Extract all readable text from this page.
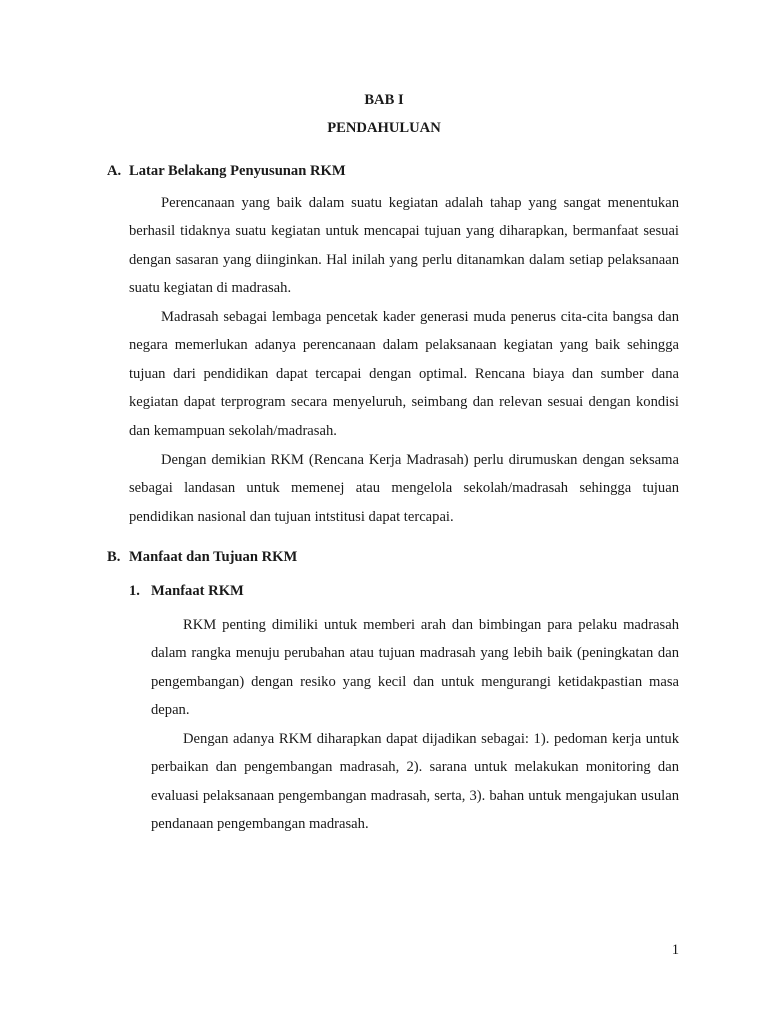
BAB I
PENDAHULUAN
A. Latar Belakang Penyusunan RKM
Perencanaan yang baik dalam suatu kegiatan adalah tahap yang sangat menentukan berhasil tidaknya suatu kegiatan untuk mencapai tujuan yang diharapkan, bermanfaat sesuai dengan sasaran yang diinginkan. Hal inilah yang perlu ditanamkan dalam setiap pelaksanaan suatu kegiatan di madrasah.
Madrasah sebagai lembaga pencetak kader generasi muda penerus cita-cita bangsa dan negara memerlukan adanya perencanaan dalam pelaksanaan kegiatan yang baik sehingga tujuan dari pendidikan dapat tercapai dengan optimal. Rencana biaya dan sumber dana kegiatan dapat terprogram secara menyeluruh, seimbang dan relevan sesuai dengan kondisi dan kemampuan sekolah/madrasah.
Dengan demikian RKM (Rencana Kerja Madrasah) perlu dirumuskan dengan seksama sebagai landasan untuk memenej atau mengelola sekolah/madrasah sehingga tujuan pendidikan nasional dan tujuan intstitusi dapat tercapai.
B. Manfaat dan Tujuan RKM
1. Manfaat RKM
RKM penting dimiliki untuk memberi arah dan bimbingan para pelaku madrasah dalam rangka menuju perubahan atau tujuan madrasah yang lebih baik (peningkatan dan pengembangan) dengan resiko yang kecil dan untuk mengurangi ketidakpastian masa depan.
Dengan adanya RKM diharapkan dapat dijadikan sebagai: 1). pedoman kerja untuk perbaikan dan pengembangan madrasah, 2). sarana untuk melakukan monitoring dan evaluasi pelaksanaan pengembangan madrasah, serta, 3). bahan untuk mengajukan usulan pendanaan pengembangan madrasah.
1
